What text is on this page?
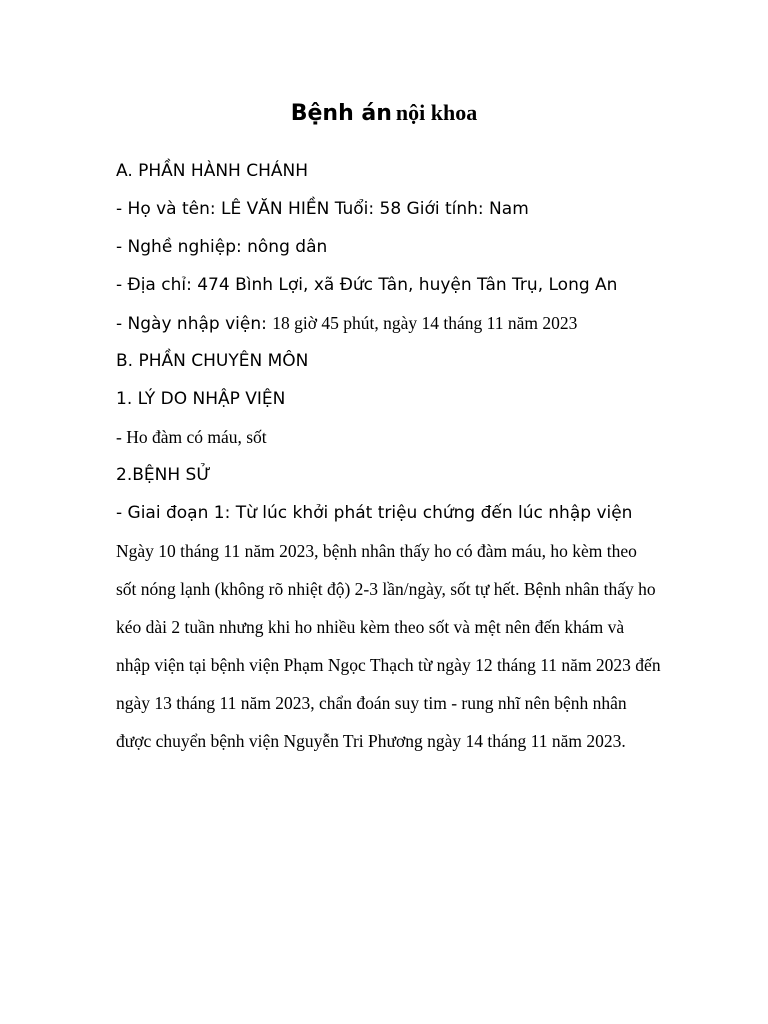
Bệnh án nội khoa

A. PHẦN HÀNH CHÁNH

- Họ và tên: LÊ VĂN HIỀN Tuổi: 58 Giới tính: Nam

- Nghề nghiệp: nông dân

- Địa chỉ: 474 Bình Lợi, xã Đức Tân, huyện Tân Trụ, Long An

- Ngày nhập viện: 18 giờ 45 phút, ngày 14 tháng 11 năm 2023

B. PHẦN CHUYÊN MÔN

1. LÝ DO NHẬP VIỆN

- Ho đàm có máu, sốt

2.BỆNH SỬ

- Giai đoạn 1: Từ lúc khởi phát triệu chứng đến lúc nhập viện

Ngày 10 tháng 11 năm 2023, bệnh nhân thấy ho có đàm máu, ho kèm theo sốt nóng lạnh (không rõ nhiệt độ) 2-3 lần/ngày, sốt tự hết. Bệnh nhân thấy ho kéo dài 2 tuần nhưng khi ho nhiều kèm theo sốt và mệt nên đến khám và nhập viện tại bệnh viện Phạm Ngọc Thạch từ ngày 12 tháng 11 năm 2023 đến ngày 13 tháng 11 năm 2023, chẩn đoán suy tim - rung nhĩ nên bệnh nhân được chuyển bệnh viện Nguyễn Tri Phương ngày 14 tháng 11 năm 2023.
